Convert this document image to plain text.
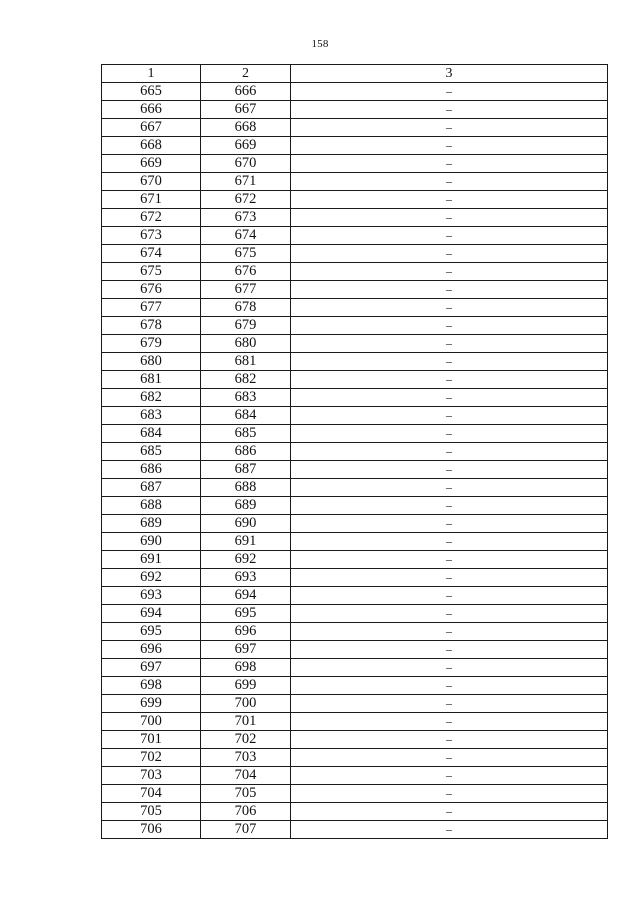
158
1	2	3
665	666	–
666	667	–
667	668	–
668	669	–
669	670	–
670	671	–
671	672	–
672	673	–
673	674	–
674	675	–
675	676	–
676	677	–
677	678	–
678	679	–
679	680	–
680	681	–
681	682	–
682	683	–
683	684	–
684	685	–
685	686	–
686	687	–
687	688	–
688	689	–
689	690	–
690	691	–
691	692	–
692	693	–
693	694	–
694	695	–
695	696	–
696	697	–
697	698	–
698	699	–
699	700	–
700	701	–
701	702	–
702	703	–
703	704	–
704	705	–
705	706	–
706	707	–
